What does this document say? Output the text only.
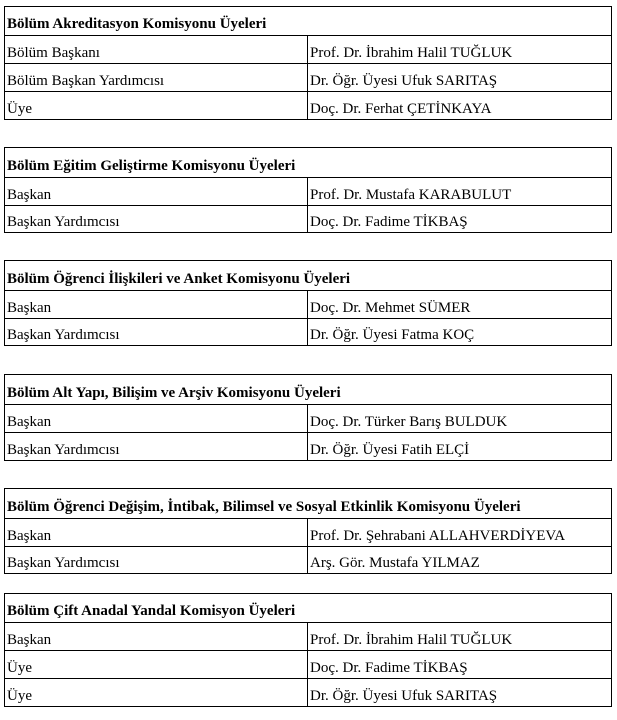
Bölüm Akreditasyon Komisyonu Üyeleri	
Bölüm Başkanı	Prof. Dr. İbrahim Halil TUĞLUK
Bölüm Başkan Yardımcısı	Dr. Öğr. Üyesi Ufuk SARITAŞ
Üye	Doç. Dr. Ferhat ÇETİNKAYA
Bölüm Eğitim Geliştirme Komisyonu Üyeleri	
Başkan	Prof. Dr. Mustafa KARABULUT
Başkan Yardımcısı	Doç. Dr. Fadime TİKBAŞ
Bölüm Öğrenci İlişkileri ve Anket Komisyonu Üyeleri	
Başkan	Doç. Dr. Mehmet SÜMER
Başkan Yardımcısı	Dr. Öğr. Üyesi Fatma KOÇ
Bölüm Alt Yapı, Bilişim ve Arşiv Komisyonu Üyeleri	
Başkan	Doç. Dr. Türker Barış BULDUK
Başkan Yardımcısı	Dr. Öğr. Üyesi Fatih ELÇİ
Bölüm Öğrenci Değişim, İntibak, Bilimsel ve Sosyal Etkinlik Komisyonu Üyeleri	
Başkan	Prof. Dr. Şehrabani ALLAHVERDİYEVA
Başkan Yardımcısı	Arş. Gör. Mustafa YILMAZ
Bölüm Çift Anadal Yandal Komisyon Üyeleri	
Başkan	Prof. Dr. İbrahim Halil TUĞLUK
Üye	Doç. Dr. Fadime TİKBAŞ
Üye	Dr. Öğr. Üyesi Ufuk SARITAŞ
